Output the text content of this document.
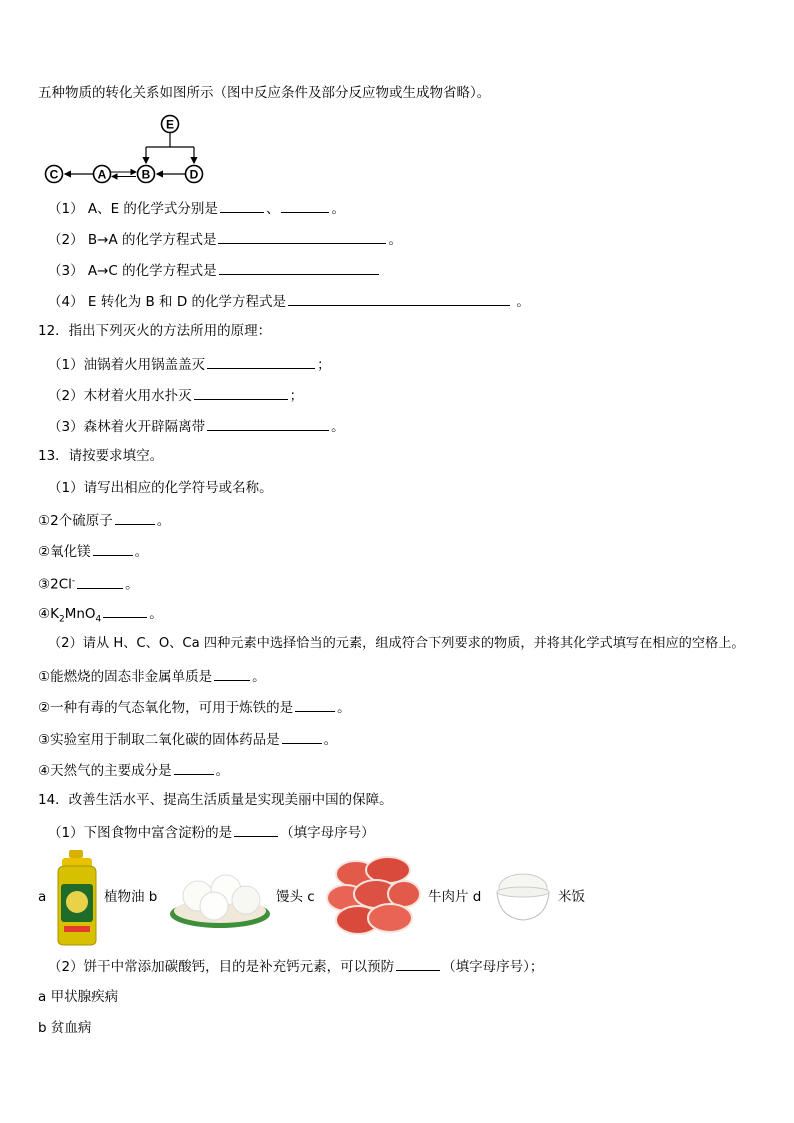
五种物质的转化关系如图所示（图中反应条件及部分反应物或生成物省略）。
E
C	A	B	D
（1） A、E 的化学式分别是	、	。
（2） B→A 的化学方程式是	。
（3） A→C 的化学方程式是
（4） E 转化为 B 和 D 的化学方程式是	。
12．指出下列灭火的方法所用的原理：
（1）油锅着火用锅盖盖灭	；
（2）木材着火用水扑灭	；
（3）森林着火开辟隔离带	。
13．请按要求填空。
（1）请写出相应的化学符号或名称。
①2个硫原子	。
②氧化镁	。
③2Cl-	。
$④K_2MnO_4$	。
（2）请从 H、C、O、Ca 四种元素中选择恰当的元素，组成符合下列要求的物质，并将其化学式填写在相应的空格上。
①能燃烧的固态非金属单质是	。
②一种有毒的气态氧化物，可用于炼铁的是	。
③实验室用于制取二氧化碳的固体药品是	。
④天然气的主要成分是	。
14．改善生活水平、提高生活质量是实现美丽中国的保障。
（1）下图食物中富含淀粉的是	（填字母序号）
a	植物油 b	馒头 c	牛肉片 d	米饭
（2）饼干中常添加碳酸钙，目的是补充钙元素，可以预防	（填字母序号）；
a 甲状腺疾病
b 贫血病
